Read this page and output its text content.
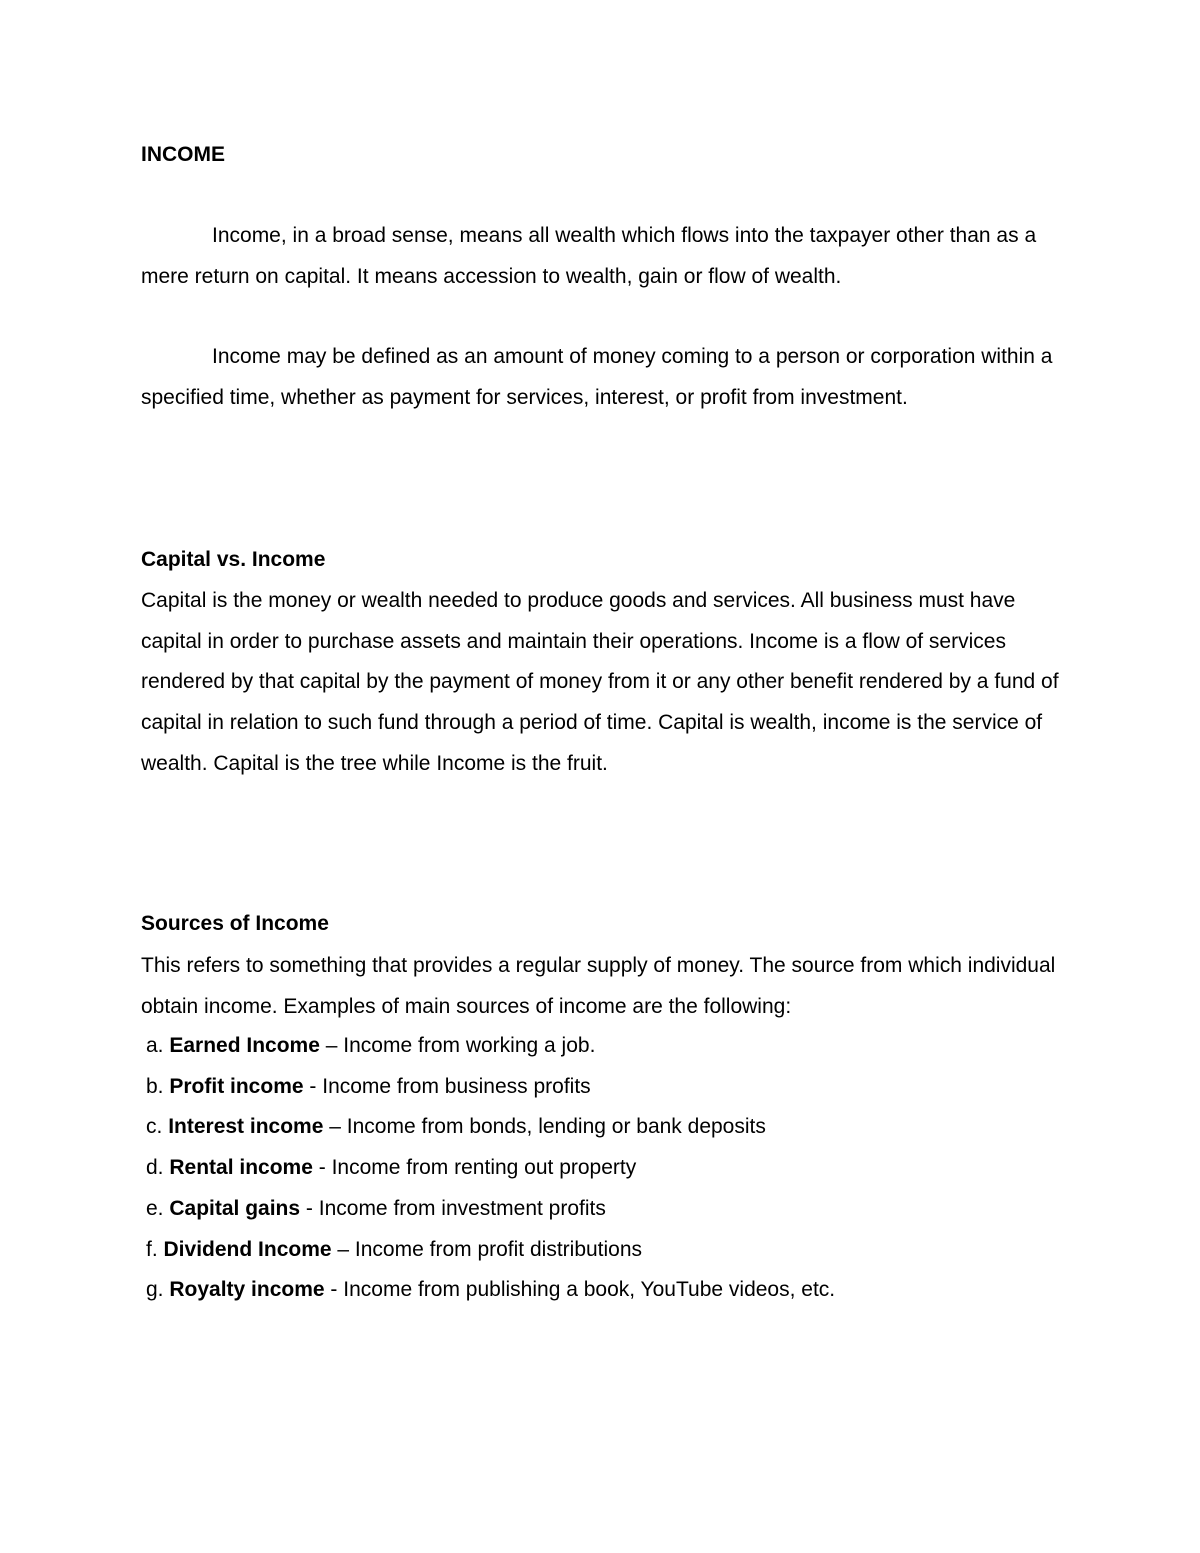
INCOME

Income, in a broad sense, means all wealth which flows into the taxpayer other than as a mere return on capital. It means accession to wealth, gain or flow of wealth.

Income may be defined as an amount of money coming to a person or corporation within a specified time, whether as payment for services, interest, or profit from investment.

Capital vs. Income

Capital is the money or wealth needed to produce goods and services. All business must have capital in order to purchase assets and maintain their operations. Income is a flow of services rendered by that capital by the payment of money from it or any other benefit rendered by a fund of capital in relation to such fund through a period of time. Capital is wealth, income is the service of wealth. Capital is the tree while Income is the fruit.

Sources of Income

This refers to something that provides a regular supply of money. The source from which individual obtain income. Examples of main sources of income are the following:

a. Earned Income – Income from working a job.
b. Profit income - Income from business profits
c. Interest income – Income from bonds, lending or bank deposits
d. Rental income - Income from renting out property
e. Capital gains - Income from investment profits
f. Dividend Income – Income from profit distributions
g. Royalty income - Income from publishing a book, YouTube videos, etc.
